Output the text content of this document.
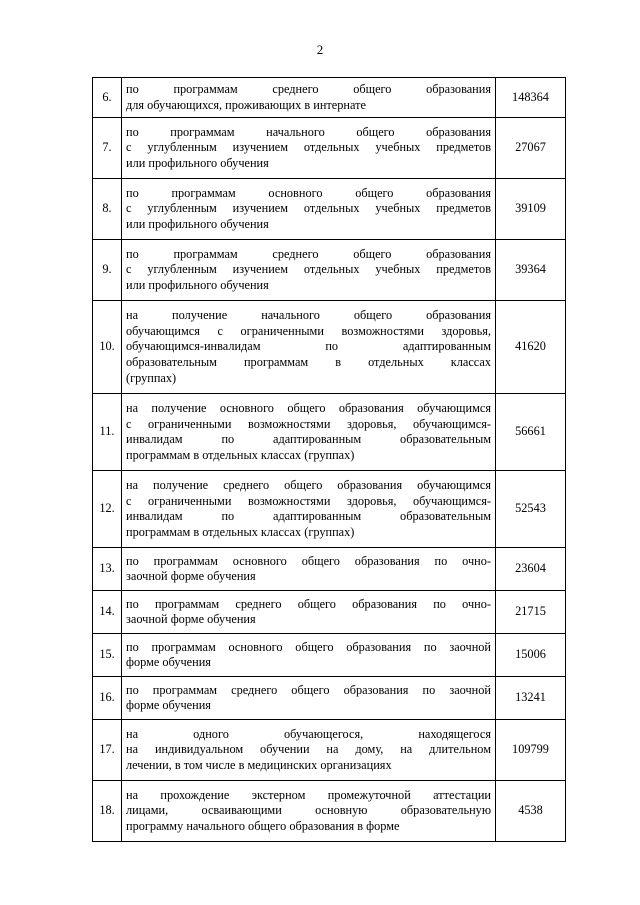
2
6.	по программам среднего общего образования
для обучающихся, проживающих в интернате	148364
7.	по программам начального общего образования
с углубленным изучением отдельных учебных предметов
или профильного обучения	27067
8.	по программам основного общего образования
с углубленным изучением отдельных учебных предметов
или профильного обучения	39109
9.	по программам среднего общего образования
с углубленным изучением отдельных учебных предметов
или профильного обучения	39364
10.	на получение начального общего образования
обучающимся с ограниченными возможностями здоровья,
обучающимся-инвалидам по адаптированным
образовательным программам в отдельных классах
(группах)	41620
11.	на получение основного общего образования обучающимся
с ограниченными возможностями здоровья, обучающимся-
инвалидам по адаптированным образовательным
программам в отдельных классах (группах)	56661
12.	на получение среднего общего образования обучающимся
с ограниченными возможностями здоровья, обучающимся-
инвалидам по адаптированным образовательным
программам в отдельных классах (группах)	52543
13.	по программам основного общего образования по очно-
заочной форме обучения	23604
14.	по программам среднего общего образования по очно-
заочной форме обучения	21715
15.	по программам основного общего образования по заочной
форме обучения	15006
16.	по программам среднего общего образования по заочной
форме обучения	13241
17.	на одного обучающегося, находящегося
на индивидуальном обучении на дому, на длительном
лечении, в том числе в медицинских организациях	109799
18.	на прохождение экстерном промежуточной аттестации
лицами, осваивающими основную образовательную
программу начального общего образования в форме	4538
